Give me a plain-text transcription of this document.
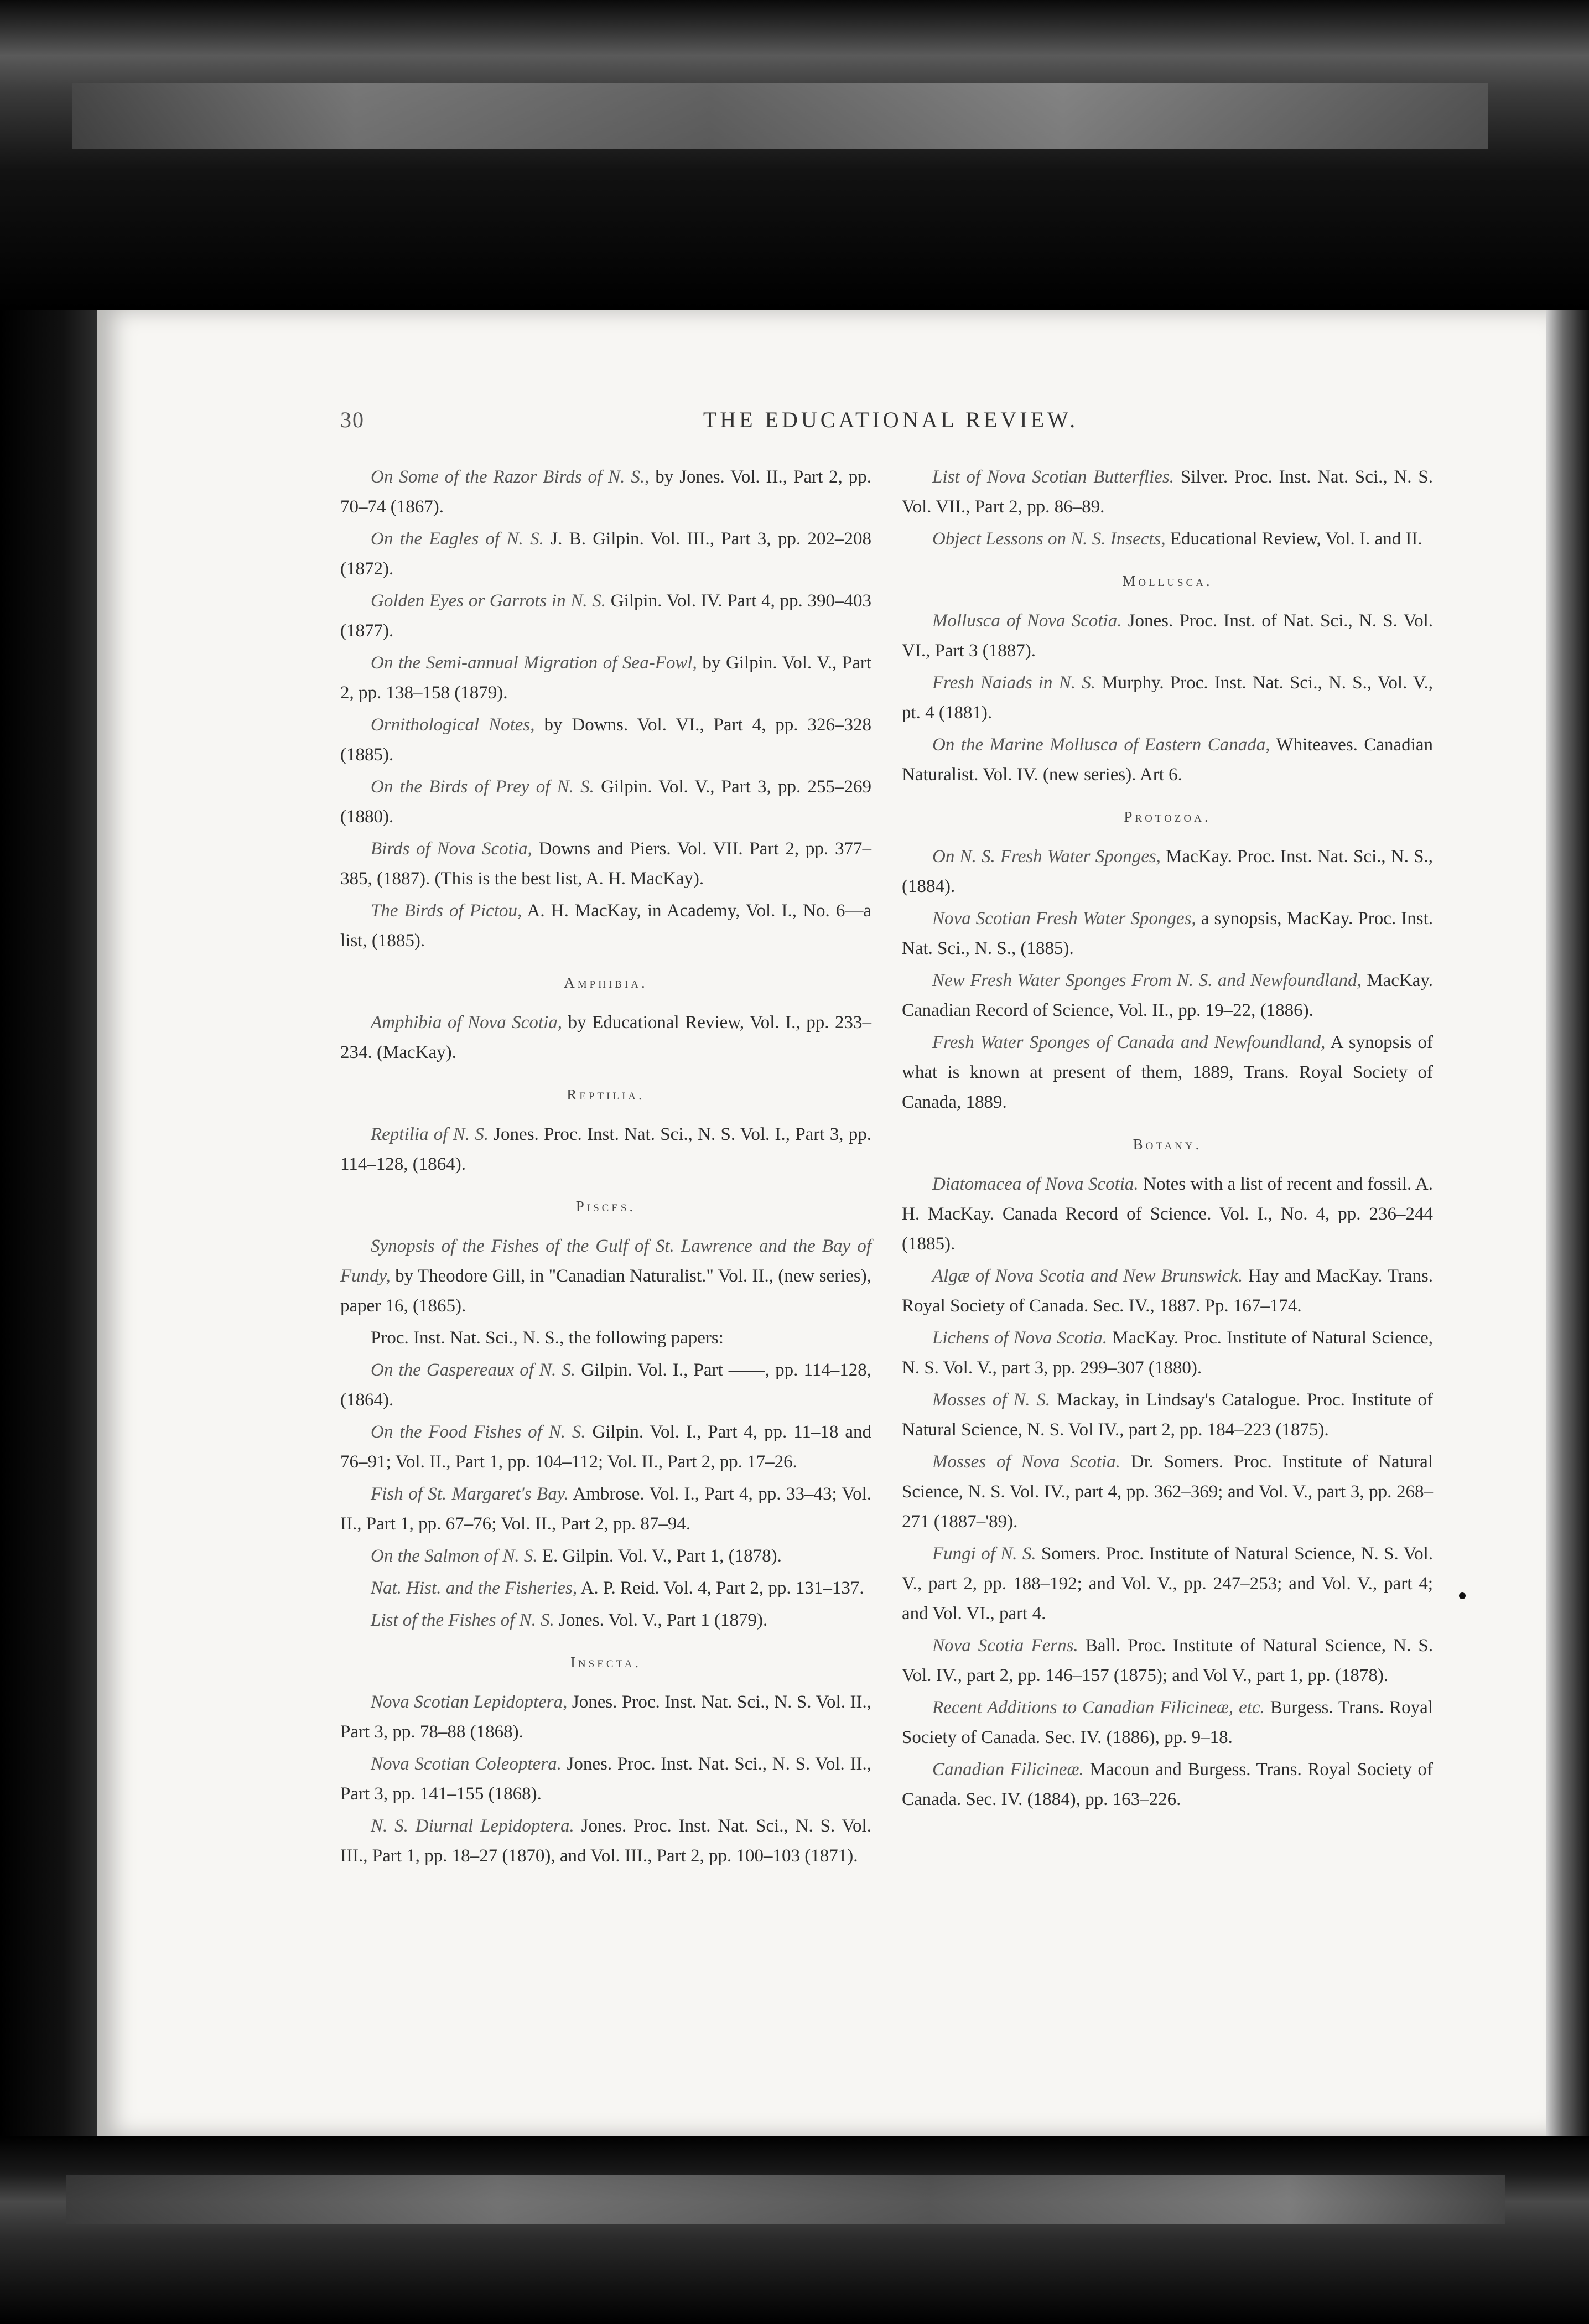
30	THE EDUCATIONAL REVIEW.

On Some of the Razor Birds of N. S., by Jones. Vol. II., Part 2, pp. 70–74 (1867).

On the Eagles of N. S. J. B. Gilpin. Vol. III., Part 3, pp. 202–208 (1872).

Golden Eyes or Garrots in N. S. Gilpin. Vol. IV. Part 4, pp. 390–403 (1877).

On the Semi-annual Migration of Sea-Fowl, by Gilpin. Vol. V., Part 2, pp. 138–158 (1879).

Ornithological Notes, by Downs. Vol. VI., Part 4, pp. 326–328 (1885).

On the Birds of Prey of N. S. Gilpin. Vol. V., Part 3, pp. 255–269 (1880).

Birds of Nova Scotia, Downs and Piers. Vol. VII. Part 2, pp. 377–385, (1887). (This is the best list, A. H. MacKay).

The Birds of Pictou, A. H. MacKay, in Academy, Vol. I., No. 6—a list, (1885).

Amphibia.

Amphibia of Nova Scotia, by Educational Review, Vol. I., pp. 233–234. (MacKay).

Reptilia.

Reptilia of N. S. Jones. Proc. Inst. Nat. Sci., N. S. Vol. I., Part 3, pp. 114–128, (1864).

Pisces.

Synopsis of the Fishes of the Gulf of St. Lawrence and the Bay of Fundy, by Theodore Gill, in "Canadian Naturalist." Vol. II., (new series), paper 16, (1865).

Proc. Inst. Nat. Sci., N. S., the following papers:

On the Gaspereaux of N. S. Gilpin. Vol. I., Part ——, pp. 114–128, (1864).

On the Food Fishes of N. S. Gilpin. Vol. I., Part 4, pp. 11–18 and 76–91; Vol. II., Part 1, pp. 104–112; Vol. II., Part 2, pp. 17–26.

Fish of St. Margaret's Bay. Ambrose. Vol. I., Part 4, pp. 33–43; Vol. II., Part 1, pp. 67–76; Vol. II., Part 2, pp. 87–94.

On the Salmon of N. S. E. Gilpin. Vol. V., Part 1, (1878).

Nat. Hist. and the Fisheries, A. P. Reid. Vol. 4, Part 2, pp. 131–137.

List of the Fishes of N. S. Jones. Vol. V., Part 1 (1879).

Insecta.

Nova Scotian Lepidoptera, Jones. Proc. Inst. Nat. Sci., N. S. Vol. II., Part 3, pp. 78–88 (1868).

Nova Scotian Coleoptera. Jones. Proc. Inst. Nat. Sci., N. S. Vol. II., Part 3, pp. 141–155 (1868).

N. S. Diurnal Lepidoptera. Jones. Proc. Inst. Nat. Sci., N. S. Vol. III., Part 1, pp. 18–27 (1870), and Vol. III., Part 2, pp. 100–103 (1871).

List of Nova Scotian Butterflies. Silver. Proc. Inst. Nat. Sci., N. S. Vol. VII., Part 2, pp. 86–89.

Object Lessons on N. S. Insects, Educational Review, Vol. I. and II.

Mollusca.

Mollusca of Nova Scotia. Jones. Proc. Inst. of Nat. Sci., N. S. Vol. VI., Part 3 (1887).

Fresh Naiads in N. S. Murphy. Proc. Inst. Nat. Sci., N. S., Vol. V., pt. 4 (1881).

On the Marine Mollusca of Eastern Canada, Whiteaves. Canadian Naturalist. Vol. IV. (new series). Art 6.

Protozoa.

On N. S. Fresh Water Sponges, MacKay. Proc. Inst. Nat. Sci., N. S., (1884).

Nova Scotian Fresh Water Sponges, a synopsis, MacKay. Proc. Inst. Nat. Sci., N. S., (1885).

New Fresh Water Sponges From N. S. and Newfoundland, MacKay. Canadian Record of Science, Vol. II., pp. 19–22, (1886).

Fresh Water Sponges of Canada and Newfoundland, A synopsis of what is known at present of them, 1889, Trans. Royal Society of Canada, 1889.

Botany.

Diatomacea of Nova Scotia. Notes with a list of recent and fossil. A. H. MacKay. Canada Record of Science. Vol. I., No. 4, pp. 236–244 (1885).

Algæ of Nova Scotia and New Brunswick. Hay and MacKay. Trans. Royal Society of Canada. Sec. IV., 1887. Pp. 167–174.

Lichens of Nova Scotia. MacKay. Proc. Institute of Natural Science, N. S. Vol. V., part 3, pp. 299–307 (1880).

Mosses of N. S. Mackay, in Lindsay's Catalogue. Proc. Institute of Natural Science, N. S. Vol IV., part 2, pp. 184–223 (1875).

Mosses of Nova Scotia. Dr. Somers. Proc. Institute of Natural Science, N. S. Vol. IV., part 4, pp. 362–369; and Vol. V., part 3, pp. 268–271 (1887–'89).

Fungi of N. S. Somers. Proc. Institute of Natural Science, N. S. Vol. V., part 2, pp. 188–192; and Vol. V., pp. 247–253; and Vol. V., part 4; and Vol. VI., part 4.

Nova Scotia Ferns. Ball. Proc. Institute of Natural Science, N. S. Vol. IV., part 2, pp. 146–157 (1875); and Vol V., part 1, pp. (1878).

Recent Additions to Canadian Filicineæ, etc. Burgess. Trans. Royal Society of Canada. Sec. IV. (1886), pp. 9–18.

Canadian Filicineæ. Macoun and Burgess. Trans. Royal Society of Canada. Sec. IV. (1884), pp. 163–226.
